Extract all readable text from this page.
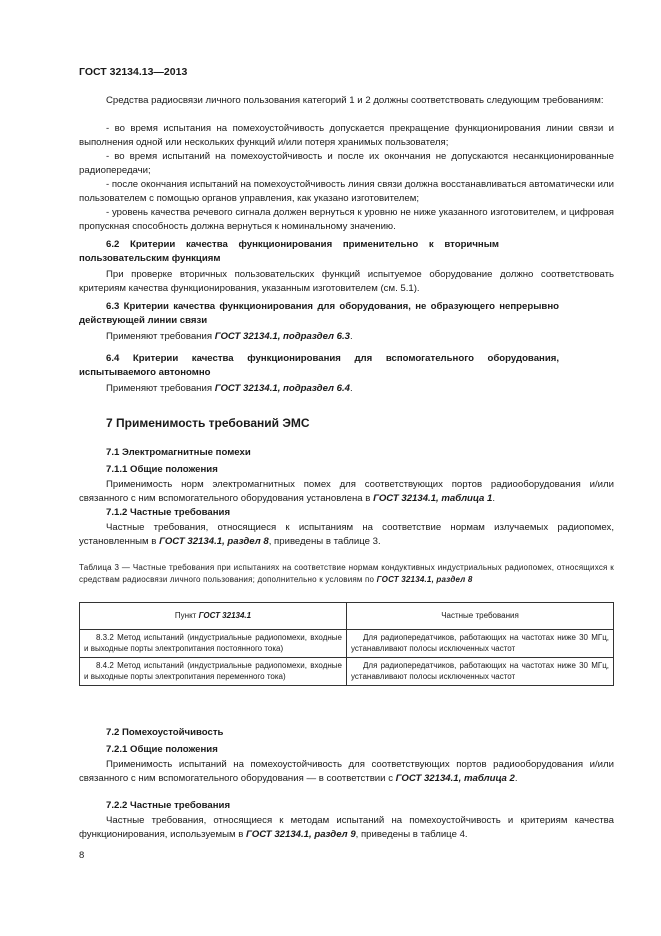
ГОСТ 32134.13—2013
Средства радиосвязи личного пользования категорий 1 и 2 должны соответствовать следующим требованиям:
- во время испытания на помехоустойчивость допускается прекращение функционирования линии связи и выполнения одной или нескольких функций и/или потеря хранимых пользователя;
- во время испытаний на помехоустойчивость и после их окончания не допускаются несанкционированные радиопередачи;
- после окончания испытаний на помехоустойчивость линия связи должна восстанавливаться автоматически или пользователем с помощью органов управления, как указано изготовителем;
- уровень качества речевого сигнала должен вернуться к уровню не ниже указанного изготовителем, и цифровая пропускная способность должна вернуться к номинальному значению.
6.2 Критерии качества функционирования применительно к вторичным пользовательским функциям
При проверке вторичных пользовательских функций испытуемое оборудование должно соответствовать критериям качества функционирования, указанным изготовителем (см. 5.1).
6.3 Критерии качества функционирования для оборудования, не образующего непрерывно действующей линии связи
Применяют требования ГОСТ 32134.1, подраздел 6.3.
6.4 Критерии качества функционирования для вспомогательного оборудования, испытываемого автономно
Применяют требования ГОСТ 32134.1, подраздел 6.4.
7 Применимость требований ЭМС
7.1 Электромагнитные помехи
7.1.1 Общие положения
Применимость норм электромагнитных помех для соответствующих портов радиооборудования и/или связанного с ним вспомогательного оборудования установлена в ГОСТ 32134.1, таблица 1.
7.1.2 Частные требования
Частные требования, относящиеся к испытаниям на соответствие нормам излучаемых радиопомех, установленным в ГОСТ 32134.1, раздел 8, приведены в таблице 3.
Таблица 3 — Частные требования при испытаниях на соответствие нормам кондуктивных индустриальных радиопомех, относящихся к средствам радиосвязи личного пользования; дополнительно к условиям по ГОСТ 32134.1, раздел 8
Пункт ГОСТ 32134.1	Частные требования
8.3.2 Метод испытаний (индустриальные радиопомехи, входные и выходные порты электропитания постоянного тока)	Для радиопередатчиков, работающих на частотах ниже 30 МГц, устанавливают полосы исключенных частот
8.4.2 Метод испытаний (индустриальные радиопомехи, входные и выходные порты электропитания переменного тока)	Для радиопередатчиков, работающих на частотах ниже 30 МГц, устанавливают полосы исключенных частот
7.2 Помехоустойчивость
7.2.1 Общие положения
Применимость испытаний на помехоустойчивость для соответствующих портов радиооборудования и/или связанного с ним вспомогательного оборудования — в соответствии с ГОСТ 32134.1, таблица 2.
7.2.2 Частные требования
Частные требования, относящиеся к методам испытаний на помехоустойчивость и критериям качества функционирования, используемым в ГОСТ 32134.1, раздел 9, приведены в таблице 4.
8
